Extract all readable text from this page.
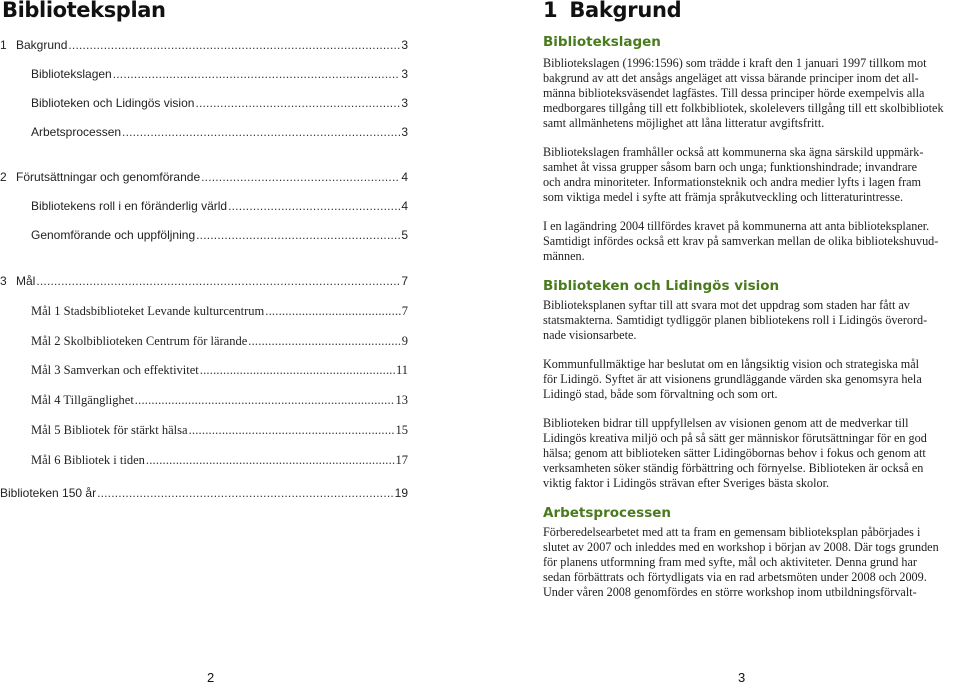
Biblioteksplan
1 Bakgrund .....	3
Bibliotekslagen .....	3
Biblioteken och Lidingös vision .....	3
Arbetsprocessen .....	3
2 Förutsättningar och genomförande .....	4
Bibliotekens roll i en föränderlig värld .....	4
Genomförande och uppföljning .....	5
3 Mål .....	7
Mål 1 Stadsbiblioteket Levande kulturcentrum .....	7
Mål 2 Skolbiblioteken Centrum för lärande .....	9
Mål 3 Samverkan och effektivitet .....	11
Mål 4 Tillgänglighet .....	13
Mål 5 Bibliotek för stärkt hälsa .....	15
Mål 6 Bibliotek i tiden .....	17
Biblioteken 150 år .....	19
2	3
1 Bakgrund
Bibliotekslagen

Bibliotekslagen (1996:1596) som trädde i kraft den 1 januari 1997 tillkom mot
bakgrund av att det ansågs angeläget att vissa bärande principer inom det all-
männa biblioteksväsendet lagfästes. Till dessa principer hörde exempelvis alla
medborgares tillgång till ett folkbibliotek, skolelevers tillgång till ett skolbibliotek
samt allmänhetens möjlighet att låna litteratur avgiftsfritt.

Bibliotekslagen framhåller också att kommunerna ska ägna särskild uppmärk-
samhet åt vissa grupper såsom barn och unga; funktionshindrade; invandrare
och andra minoriteter. Informationsteknik och andra medier lyfts i lagen fram
som viktiga medel i syfte att främja språkutveckling och litteraturintresse.

I en lagändring 2004 tillfördes kravet på kommunerna att anta biblioteksplaner.
Samtidigt infördes också ett krav på samverkan mellan de olika bibliotekshuvud-
männen.

Biblioteken och Lidingös vision

Biblioteksplanen syftar till att svara mot det uppdrag som staden har fått av
statsmakterna. Samtidigt tydliggör planen bibliotekens roll i Lidingös överord-
nade visionsarbete.

Kommunfullmäktige har beslutat om en långsiktig vision och strategiska mål
för Lidingö. Syftet är att visionens grundläggande värden ska genomsyra hela
Lidingö stad, både som förvaltning och som ort.

Biblioteken bidrar till uppfyllelsen av visionen genom att de medverkar till
Lidingös kreativa miljö och på så sätt ger människor förutsättningar för en god
hälsa; genom att biblioteken sätter Lidingöbornas behov i fokus och genom att
verksamheten söker ständig förbättring och förnyelse. Biblioteken är också en
viktig faktor i Lidingös strävan efter Sveriges bästa skolor.

Arbetsprocessen

Förberedelsearbetet med att ta fram en gemensam biblioteksplan påbörjades i
slutet av 2007 och inleddes med en workshop i början av 2008. Där togs grunden
för planens utformning fram med syfte, mål och aktiviteter. Denna grund har
sedan förbättrats och förtydligats via en rad arbetsmöten under 2008 och 2009.
Under våren 2008 genomfördes en större workshop inom utbildningsförvalt-
